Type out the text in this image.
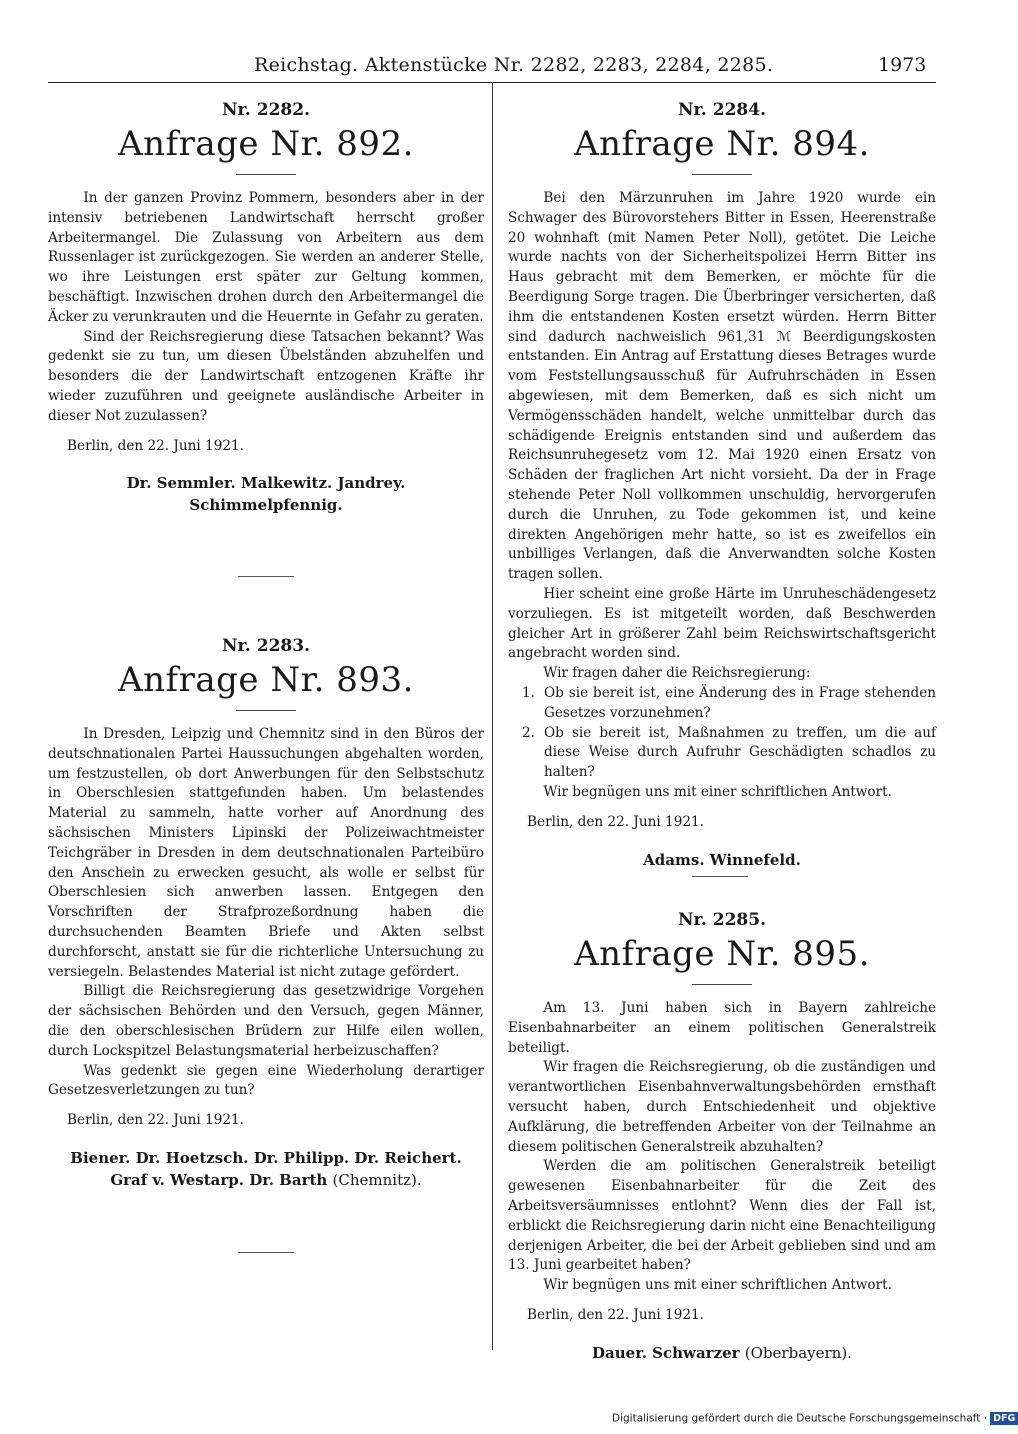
Reichstag. Aktenstücke Nr. 2282, 2283, 2284, 2285.	1973

Nr. 2282.

Anfrage Nr. 892.

In der ganzen Provinz Pommern, besonders aber in der intensiv betriebenen Landwirtschaft herrscht großer Arbeitermangel. Die Zulassung von Arbeitern aus dem Russenlager ist zurückgezogen. Sie werden an anderer Stelle, wo ihre Leistungen erst später zur Geltung kommen, beschäftigt. Inzwischen drohen durch den Arbeitermangel die Äcker zu verunkrauten und die Heuernte in Gefahr zu geraten.

Sind der Reichsregierung diese Tatsachen bekannt? Was gedenkt sie zu tun, um diesen Übelständen abzuhelfen und besonders die der Landwirtschaft entzogenen Kräfte ihr wieder zuzuführen und geeignete ausländische Arbeiter in dieser Not zuzulassen?

Berlin, den 22. Juni 1921.

Dr. Semmler. Malkewitz. Jandrey.
Schimmelpfennig.

Nr. 2283.

Anfrage Nr. 893.

In Dresden, Leipzig und Chemnitz sind in den Büros der deutschnationalen Partei Haussuchungen abgehalten worden, um festzustellen, ob dort Anwerbungen für den Selbstschutz in Oberschlesien stattgefunden haben. Um belastendes Material zu sammeln, hatte vorher auf Anordnung des sächsischen Ministers Lipinski der Polizeiwachtmeister Teichgräber in Dresden in dem deutschnationalen Parteibüro den Anschein zu erwecken gesucht, als wolle er selbst für Oberschlesien sich anwerben lassen. Entgegen den Vorschriften der Strafprozeßordnung haben die durchsuchenden Beamten Briefe und Akten selbst durchforscht, anstatt sie für die richterliche Untersuchung zu versiegeln. Belastendes Material ist nicht zutage gefördert.

Billigt die Reichsregierung das gesetzwidrige Vorgehen der sächsischen Behörden und den Versuch, gegen Männer, die den oberschlesischen Brüdern zur Hilfe eilen wollen, durch Lockspitzel Belastungsmaterial herbeizuschaffen?

Was gedenkt sie gegen eine Wiederholung derartiger Gesetzesverletzungen zu tun?

Berlin, den 22. Juni 1921.

Biener. Dr. Hoetzsch. Dr. Philipp. Dr. Reichert.
Graf v. Westarp. Dr. Barth (Chemnitz).

Nr. 2284.

Anfrage Nr. 894.

Bei den Märzunruhen im Jahre 1920 wurde ein Schwager des Bürovorstehers Bitter in Essen, Heerenstraße 20 wohnhaft (mit Namen Peter Noll), getötet. Die Leiche wurde nachts von der Sicherheitspolizei Herrn Bitter ins Haus gebracht mit dem Bemerken, er möchte für die Beerdigung Sorge tragen. Die Überbringer versicherten, daß ihm die entstandenen Kosten ersetzt würden. Herrn Bitter sind dadurch nachweislich 961,31 ℳ Beerdigungskosten entstanden. Ein Antrag auf Erstattung dieses Betrages wurde vom Feststellungsausschuß für Aufruhrschäden in Essen abgewiesen, mit dem Bemerken, daß es sich nicht um Vermögensschäden handelt, welche unmittelbar durch das schädigende Ereignis entstanden sind und außerdem das Reichsunruhegesetz vom 12. Mai 1920 einen Ersatz von Schäden der fraglichen Art nicht vorsieht. Da der in Frage stehende Peter Noll vollkommen unschuldig, hervorgerufen durch die Unruhen, zu Tode gekommen ist, und keine direkten Angehörigen mehr hatte, so ist es zweifellos ein unbilliges Verlangen, daß die Anverwandten solche Kosten tragen sollen.

Hier scheint eine große Härte im Unruheschädengesetz vorzuliegen. Es ist mitgeteilt worden, daß Beschwerden gleicher Art in größerer Zahl beim Reichswirtschaftsgericht angebracht worden sind.

Wir fragen daher die Reichsregierung:

1. Ob sie bereit ist, eine Änderung des in Frage stehenden Gesetzes vorzunehmen?
2. Ob sie bereit ist, Maßnahmen zu treffen, um die auf diese Weise durch Aufruhr Geschädigten schadlos zu halten?

Wir begnügen uns mit einer schriftlichen Antwort.

Berlin, den 22. Juni 1921.

Adams. Winnefeld.

Nr. 2285.

Anfrage Nr. 895.

Am 13. Juni haben sich in Bayern zahlreiche Eisenbahnarbeiter an einem politischen Generalstreik beteiligt.

Wir fragen die Reichsregierung, ob die zuständigen und verantwortlichen Eisenbahnverwaltungsbehörden ernsthaft versucht haben, durch Entschiedenheit und objektive Aufklärung, die betreffenden Arbeiter von der Teilnahme an diesem politischen Generalstreik abzuhalten?

Werden die am politischen Generalstreik beteiligt gewesenen Eisenbahnarbeiter für die Zeit des Arbeitsversäumnisses entlohnt? Wenn dies der Fall ist, erblickt die Reichsregierung darin nicht eine Benachteiligung derjenigen Arbeiter, die bei der Arbeit geblieben sind und am 13. Juni gearbeitet haben?

Wir begnügen uns mit einer schriftlichen Antwort.

Berlin, den 22. Juni 1921.

Dauer. Schwarzer (Oberbayern).

Digitalisierung gefördert durch die Deutsche Forschungsgemeinschaft · DFG
